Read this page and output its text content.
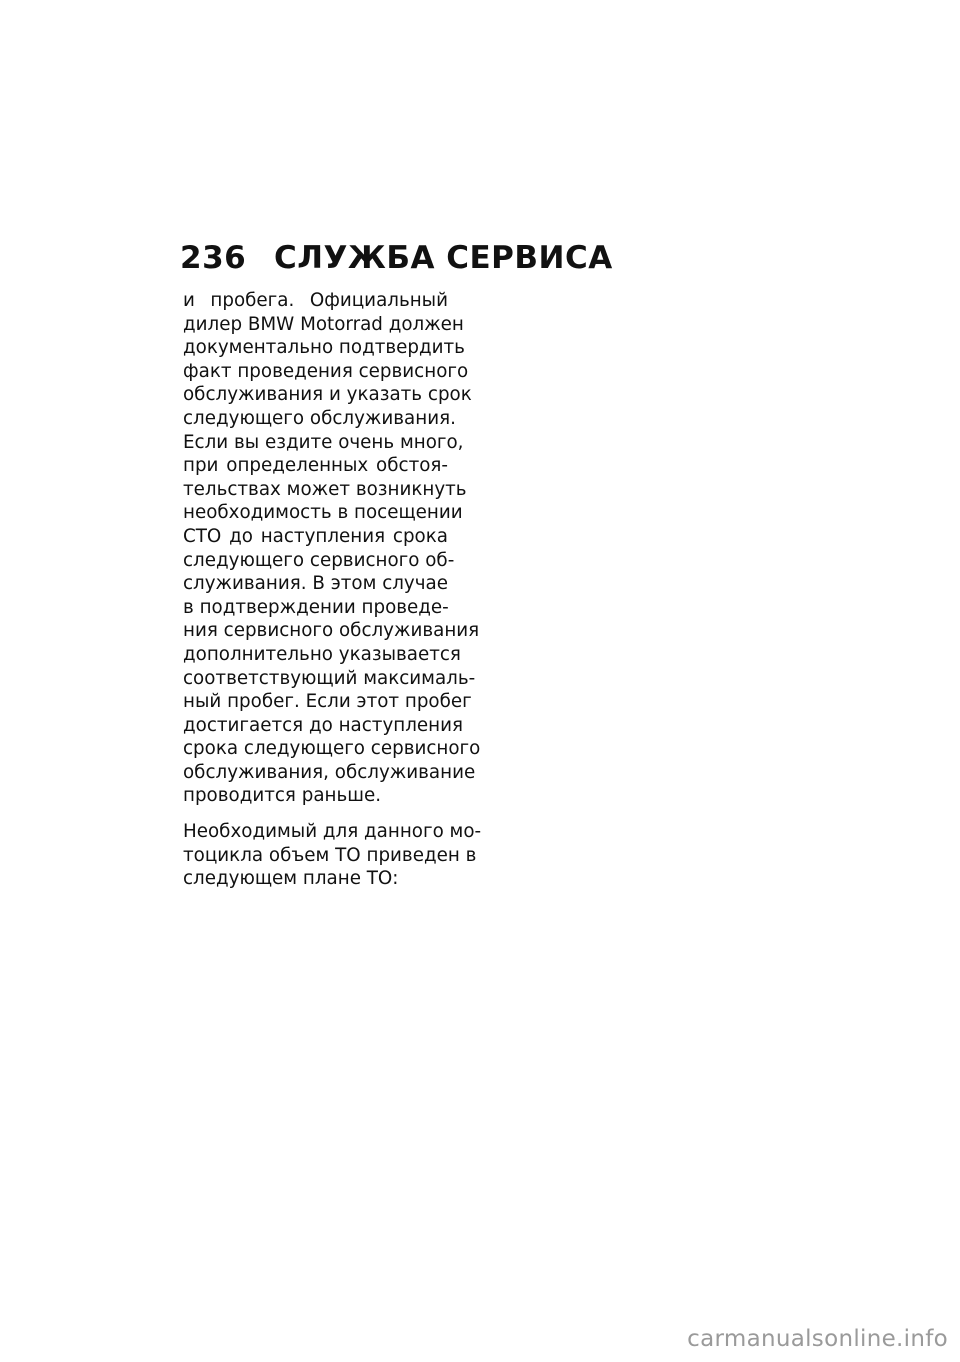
236 СЛУЖБА СЕРВИСА
и пробега. Официальный
дилер BMW Motorrad должен
документально подтвердить
факт проведения сервисного
обслуживания и указать срок
следующего обслуживания.
Если вы ездите очень много,
при определенных обстоя-
тельствах может возникнуть
необходимость в посещении
СТО до наступления срока
следующего сервисного об-
служивания. В этом случае
в подтверждении проведе-
ния сервисного обслуживания
дополнительно указывается
соответствующий максималь-
ный пробег. Если этот пробег
достигается до наступления
срока следующего сервисного
обслуживания, обслуживание
проводится раньше.
Необходимый для данного мо-
тоцикла объем ТО приведен в
следующем плане ТО:
carmanualsonline.info
